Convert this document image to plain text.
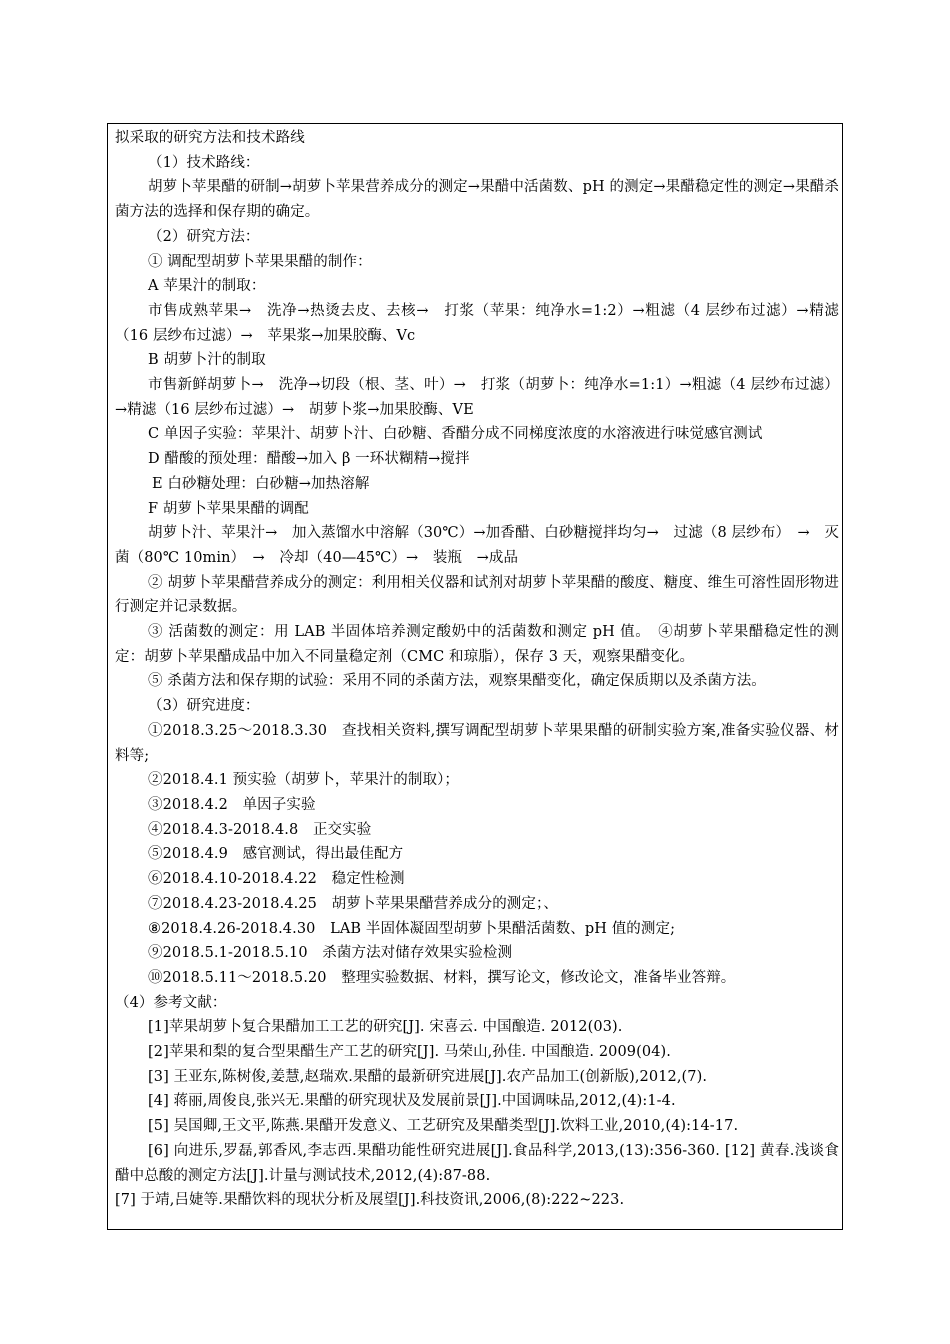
拟采取的研究方法和技术路线

（1）技术路线：

胡萝卜苹果醋的研制→胡萝卜苹果营养成分的测定→果醋中活菌数、pH 的测定→果醋稳定性的测定→果醋杀菌方法的选择和保存期的确定。

（2）研究方法：

① 调配型胡萝卜苹果果醋的制作：

A 苹果汁的制取：

市售成熟苹果→　洗净→热烫去皮、去核→　打浆（苹果：纯净水=1:2）→粗滤（4 层纱布过滤）→精滤（16 层纱布过滤）→　苹果浆→加果胶酶、Vc

B 胡萝卜汁的制取

市售新鲜胡萝卜→　洗净→切段（根、茎、叶）→　打浆（胡萝卜：纯净水=1:1）→粗滤（4 层纱布过滤）→精滤（16 层纱布过滤）→　胡萝卜浆→加果胶酶、VE

C 单因子实验：苹果汁、胡萝卜汁、白砂糖、香醋分成不同梯度浓度的水溶液进行味觉感官测试

D 醋酸的预处理：醋酸→加入 β 一环状糊精→搅拌

E 白砂糖处理：白砂糖→加热溶解

F 胡萝卜苹果果醋的调配

胡萝卜汁、苹果汁→　加入蒸馏水中溶解（30℃）→加香醋、白砂糖搅拌均匀→　过滤（8 层纱布）　→　灭菌（80℃ 10min）　→　冷却（40—45℃）→　装瓶　→成品

② 胡萝卜苹果醋营养成分的测定：利用相关仪器和试剂对胡萝卜苹果醋的酸度、糖度、维生可溶性固形物进行测定并记录数据。

③ 活菌数的测定：用 LAB 半固体培养测定酸奶中的活菌数和测定 pH 值。　④胡萝卜苹果醋稳定性的测定：胡萝卜苹果醋成品中加入不同量稳定剂（CMC 和琼脂），保存 3 天，观察果醋变化。

⑤ 杀菌方法和保存期的试验：采用不同的杀菌方法，观察果醋变化，确定保质期以及杀菌方法。

（3）研究进度：

①2018.3.25～2018.3.30　查找相关资料,撰写调配型胡萝卜苹果果醋的研制实验方案,准备实验仪器、材料等;

②2018.4.1 预实验（胡萝卜，苹果汁的制取）；

③2018.4.2　单因子实验

④2018.4.3-2018.4.8　正交实验

⑤2018.4.9　感官测试，得出最佳配方

⑥2018.4.10-2018.4.22　稳定性检测

⑦2018.4.23-2018.4.25　胡萝卜苹果果醋营养成分的测定；、

⑧2018.4.26-2018.4.30　LAB 半固体凝固型胡萝卜果醋活菌数、pH 值的测定;

⑨2018.5.1-2018.5.10　杀菌方法对储存效果实验检测

⑩2018.5.11～2018.5.20　整理实验数据、材料，撰写论文，修改论文，准备毕业答辩。

（4）参考文献：

[1]苹果胡萝卜复合果醋加工工艺的研究[J]. 宋喜云. 中国酿造. 2012(03).

[2]苹果和梨的复合型果醋生产工艺的研究[J]. 马荣山,孙佳. 中国酿造. 2009(04).

[3] 王亚东,陈树俊,姜慧,赵瑞欢.果醋的最新研究进展[J].农产品加工(创新版),2012,(7).

[4] 蒋丽,周俊良,张兴无.果醋的研究现状及发展前景[J].中国调味品,2012,(4):1-4.

[5] 吴国卿,王文平,陈燕.果醋开发意义、工艺研究及果醋类型[J].饮料工业,2010,(4):14-17.

[6] 向进乐,罗磊,郭香风,李志西.果醋功能性研究进展[J].食品科学,2013,(13):356-360. [12] 黄春.浅谈食醋中总酸的测定方法[J].计量与测试技术,2012,(4):87-88.

[7] 于靖,吕婕等.果醋饮料的现状分析及展望[J].科技资讯,2006,(8):222~223.
